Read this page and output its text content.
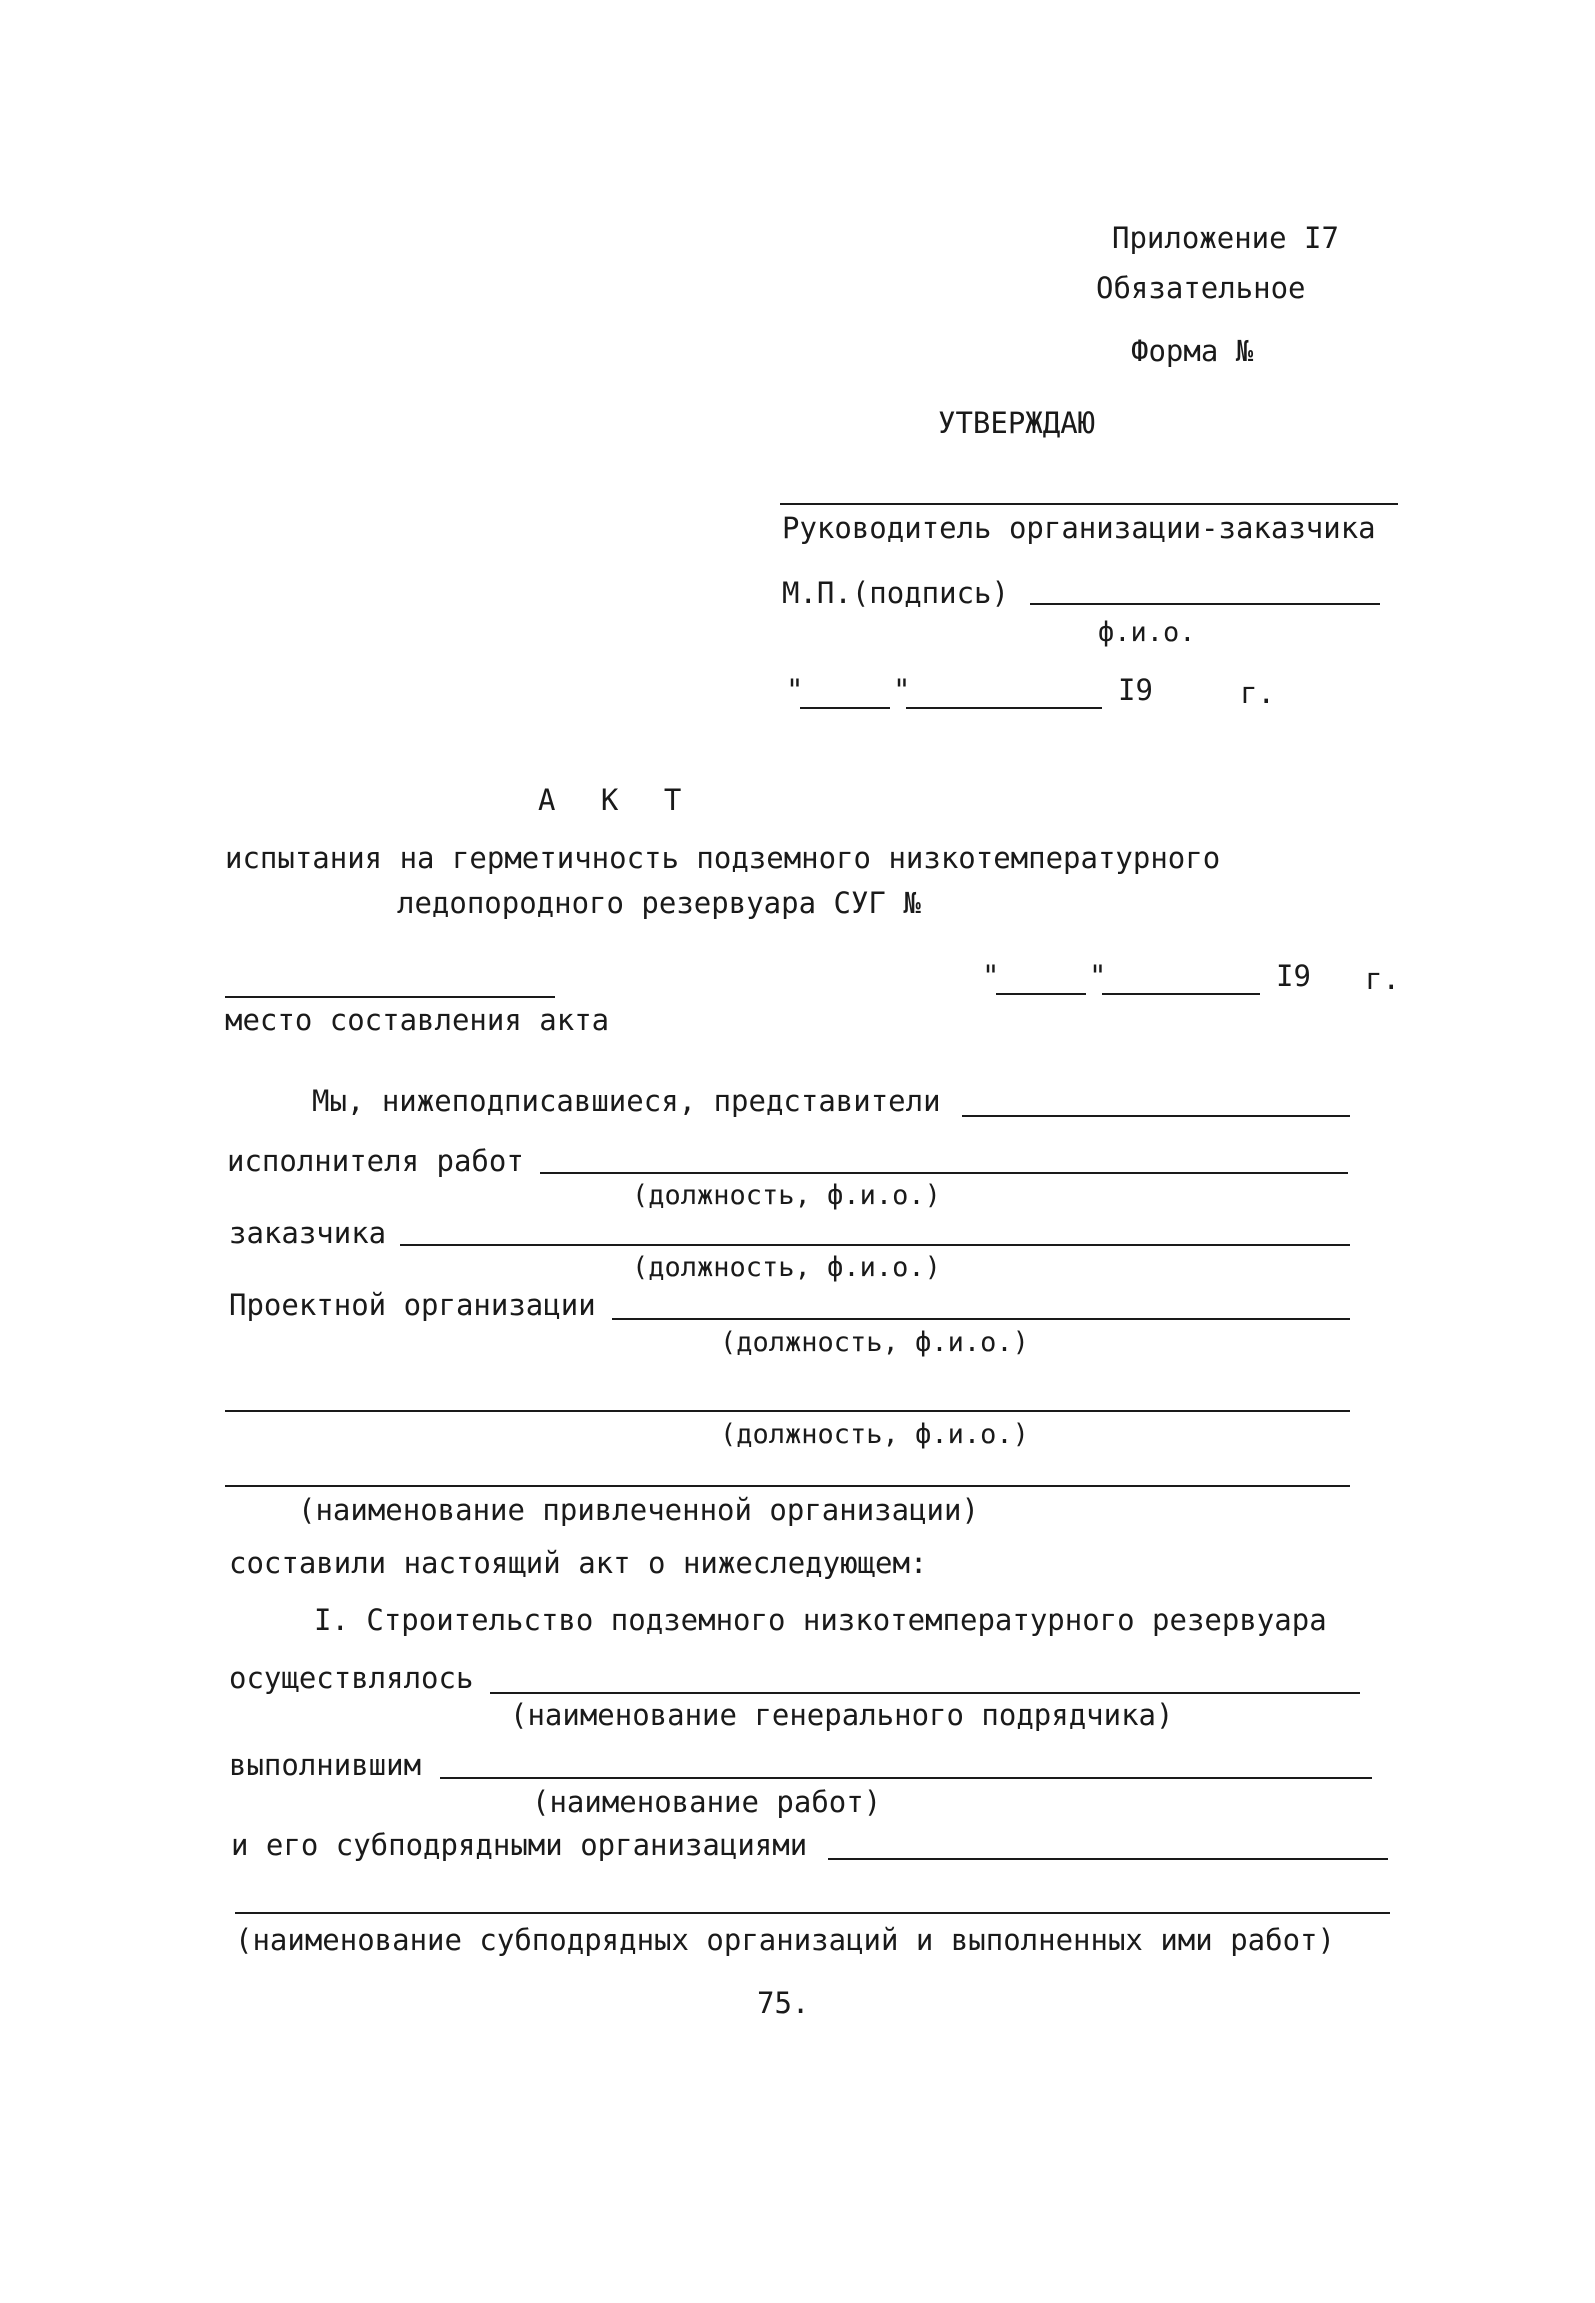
Приложение I7
Обязательное
Форма №
УТВЕРЖДАЮ
Руководитель организации-заказчика
М.П.(подпись)
ф.и.о.
"	"	I9	г.
А К Т
испытания на герметичность подземного низкотемпературного
ледопородного резервуара СУГ №
"	"	I9 г.
место составления акта
Мы, нижеподписавшиеся, представители
исполнителя работ
(должность, ф.и.о.)
заказчика
(должность, ф.и.о.)
Проектной организации
(должность, ф.и.о.)
(должность, ф.и.о.)
(наименование привлеченной организации)
составили настоящий акт о нижеследующем:
I. Строительство подземного низкотемпературного резервуара
осуществлялось
(наименование генерального подрядчика)
выполнившим
(наименование работ)
и его субподрядными организациями
(наименование субподрядных организаций и выполненных ими работ)
75.
